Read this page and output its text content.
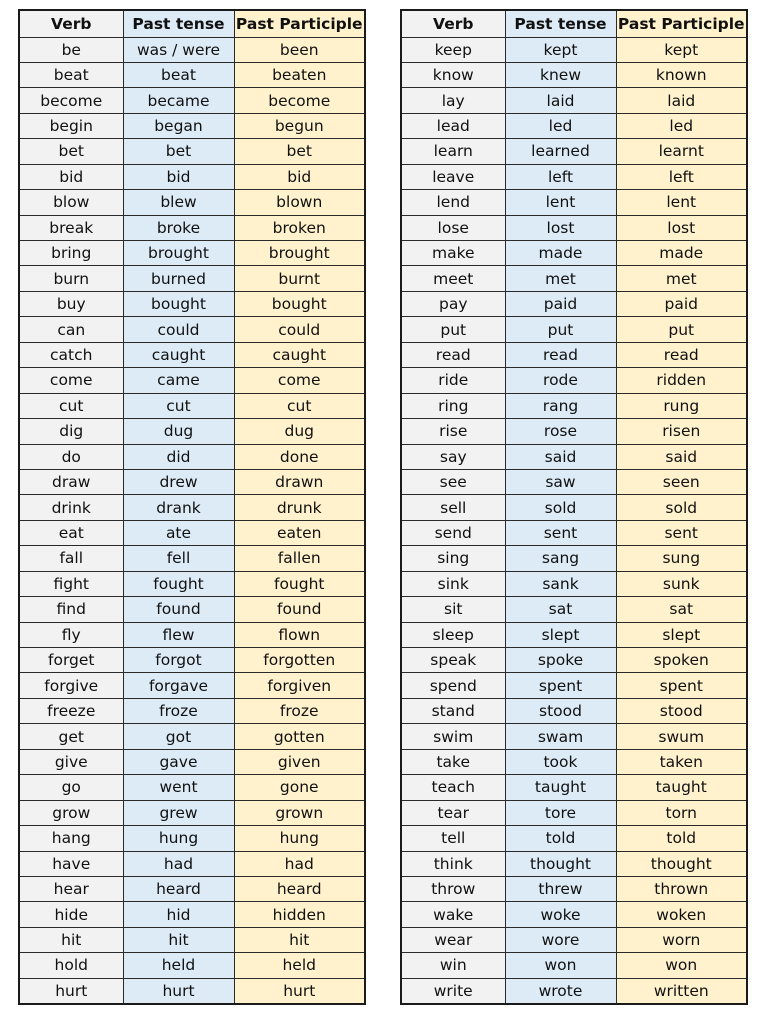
Verb	Past tense	Past Participle
be	was / were	been
beat	beat	beaten
become	became	become
begin	began	begun
bet	bet	bet
bid	bid	bid
blow	blew	blown
break	broke	broken
bring	brought	brought
burn	burned	burnt
buy	bought	bought
can	could	could
catch	caught	caught
come	came	come
cut	cut	cut
dig	dug	dug
do	did	done
draw	drew	drawn
drink	drank	drunk
eat	ate	eaten
fall	fell	fallen
fight	fought	fought
find	found	found
fly	flew	flown
forget	forgot	forgotten
forgive	forgave	forgiven
freeze	froze	froze
get	got	gotten
give	gave	given
go	went	gone
grow	grew	grown
hang	hung	hung
have	had	had
hear	heard	heard
hide	hid	hidden
hit	hit	hit
hold	held	held
hurt	hurt	hurt
Verb	Past tense	Past Participle
keep	kept	kept
know	knew	known
lay	laid	laid
lead	led	led
learn	learned	learnt
leave	left	left
lend	lent	lent
lose	lost	lost
make	made	made
meet	met	met
pay	paid	paid
put	put	put
read	read	read
ride	rode	ridden
ring	rang	rung
rise	rose	risen
say	said	said
see	saw	seen
sell	sold	sold
send	sent	sent
sing	sang	sung
sink	sank	sunk
sit	sat	sat
sleep	slept	slept
speak	spoke	spoken
spend	spent	spent
stand	stood	stood
swim	swam	swum
take	took	taken
teach	taught	taught
tear	tore	torn
tell	told	told
think	thought	thought
throw	threw	thrown
wake	woke	woken
wear	wore	worn
win	won	won
write	wrote	written
